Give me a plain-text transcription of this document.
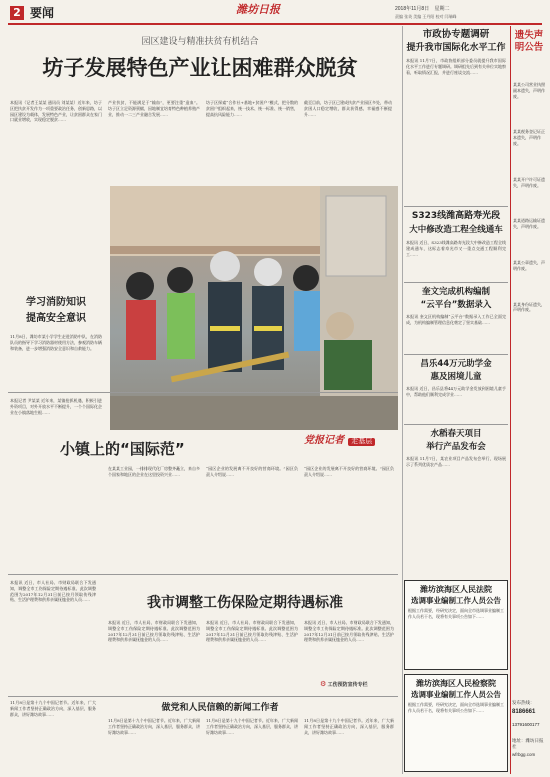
2 要闻	潍坊日报	2018年11月8日 星期二
责编 张英 美编 王丹阳 校对 闫瑞峰
园区建设与精准扶贫有机结合
坊子发展特色产业让困难群众脱贫
本报讯（记者王某某 通讯员 刘某某）近年来，坊子区把扶贫开发作为一项重要政治任务，创新思路，以园区建设为载体，发展特色产业，让贫困群众在家门口就业增收，实现稳定脱贫……
产业扶贫，不能满足于“输血”，更要注重“造血”。坊子区立足资源禀赋，因地制宜培育特色种植养殖产业，推动一二三产业融合发展……
坊子区探索“合作社+基地+贫困户”模式，把分散的贫困户组织起来，统一技术、统一标准、统一销售，提高抗风险能力……
截至目前，坊子区已建成扶贫产业园区多处，带动贫困人口稳定增收，群众获得感、幸福感不断提升……
学习消防知识
提高安全意识
11月8日，潍坊市某小学学生走进消防中队，在消防队员的指导下学习消防器材使用方法，参观消防车辆和装备，进一步增强消防安全意识和自救能力。
小镇上的“国际范”
本报记者 尹某某 近年来，某镇抢抓机遇，积极引进外资项目，对外开放水平不断提升，一个个国际化企业在小镇落地生根……
在某某工业园，一排排现代化厂房整齐矗立，来自多个国家和地区的企业在这里投资兴业……
“园区企业的发展离不开良好的营商环境。”园区负责人介绍说……
党报记者 走基层
“园区企业的发展离不开良好的营商环境。”园区负责人介绍说……
我市调整工伤保险定期待遇标准
本报讯 近日，市人社局、市财政局联合下发通知，调整全市工伤保险定期待遇标准。此次调整范围为2017年12月31日前已按月领取伤残津贴、生活护理费和供养亲属抚恤金的人员……
本报讯 近日，市人社局、市财政局联合下发通知，调整全市工伤保险定期待遇标准。此次调整范围为2017年12月31日前已按月领取伤残津贴、生活护理费和供养亲属抚恤金的人员……
本报讯 近日，市人社局、市财政局联合下发通知，调整全市工伤保险定期待遇标准。此次调整范围为2017年12月31日前已按月领取伤残津贴、生活护理费和供养亲属抚恤金的人员……
本报讯 近日，市人社局、市财政局联合下发通知，调整全市工伤保险定期待遇标准。此次调整范围为2017年12月31日前已按月领取伤残津贴、生活护理费和供养亲属抚恤金的人员……
⚙ 工伤预防宣传专栏
做党和人民信赖的新闻工作者
11月8日是第十九个中国记者节。近年来，广大新闻工作者坚持正确政治方向，深入基层，服务群众，讲好潍坊故事……
11月8日是第十九个中国记者节。近年来，广大新闻工作者坚持正确政治方向，深入基层，服务群众，讲好潍坊故事……
11月8日是第十九个中国记者节。近年来，广大新闻工作者坚持正确政治方向，深入基层，服务群众，讲好潍坊故事……
11月8日是第十九个中国记者节。近年来，广大新闻工作者坚持正确政治方向，深入基层，服务群众，讲好潍坊故事……
市政协专题调研
提升我市国际化水平工作
本报讯 11月7日，市政协组织部分委员就提升我市国际化水平工作进行专题调研。调研组先后到有关单位实地察看，听取情况汇报，并进行座谈交流……
S323线潍高路寿光段
大中修改造工程全线通车
本报讯 近日，S323线潍高路寿光段大中修改造工程全线建成通车，这标志着寿光市又一重点交通工程顺利完工……
奎文完成机构编制
“云平台”数据录入
本报讯 奎文区机构编制“云平台”数据录入工作已全面完成，为机构编制管理信息化奠定了坚实基础……
昌乐44万元助学金
惠及困境儿童
本报讯 近日，昌乐县将44万元助学金发放到困境儿童手中，帮助他们顺利完成学业……
水稻春天项目
举行产品发布会
本报讯 11月7日，某农业项目产品发布会举行，现场展示了系列优质农产品……
潍坊滨海区人民法院
选调事业编制工作人员公告
根据工作需要，经研究决定，面向全市选调事业编制工作人员若干名，现将有关事项公告如下……
潍坊滨海区人民检察院
选调事业编制工作人员公告
根据工作需要，经研究决定，面向全市选调事业编制工作人员若干名，现将有关事项公告如下……
遗失声明公告
某某公司营业执照副本遗失，声明作废。
某某税务登记证正本遗失，声明作废。
某某开户许可证遗失，声明作废。
某某道路运输证遗失，声明作废。
某某公章遗失，声明作废。
某某身份证遗失，声明作废。
发布热线：
8186661
13791600177
地址：潍坊日报社
wfrbgg.com
